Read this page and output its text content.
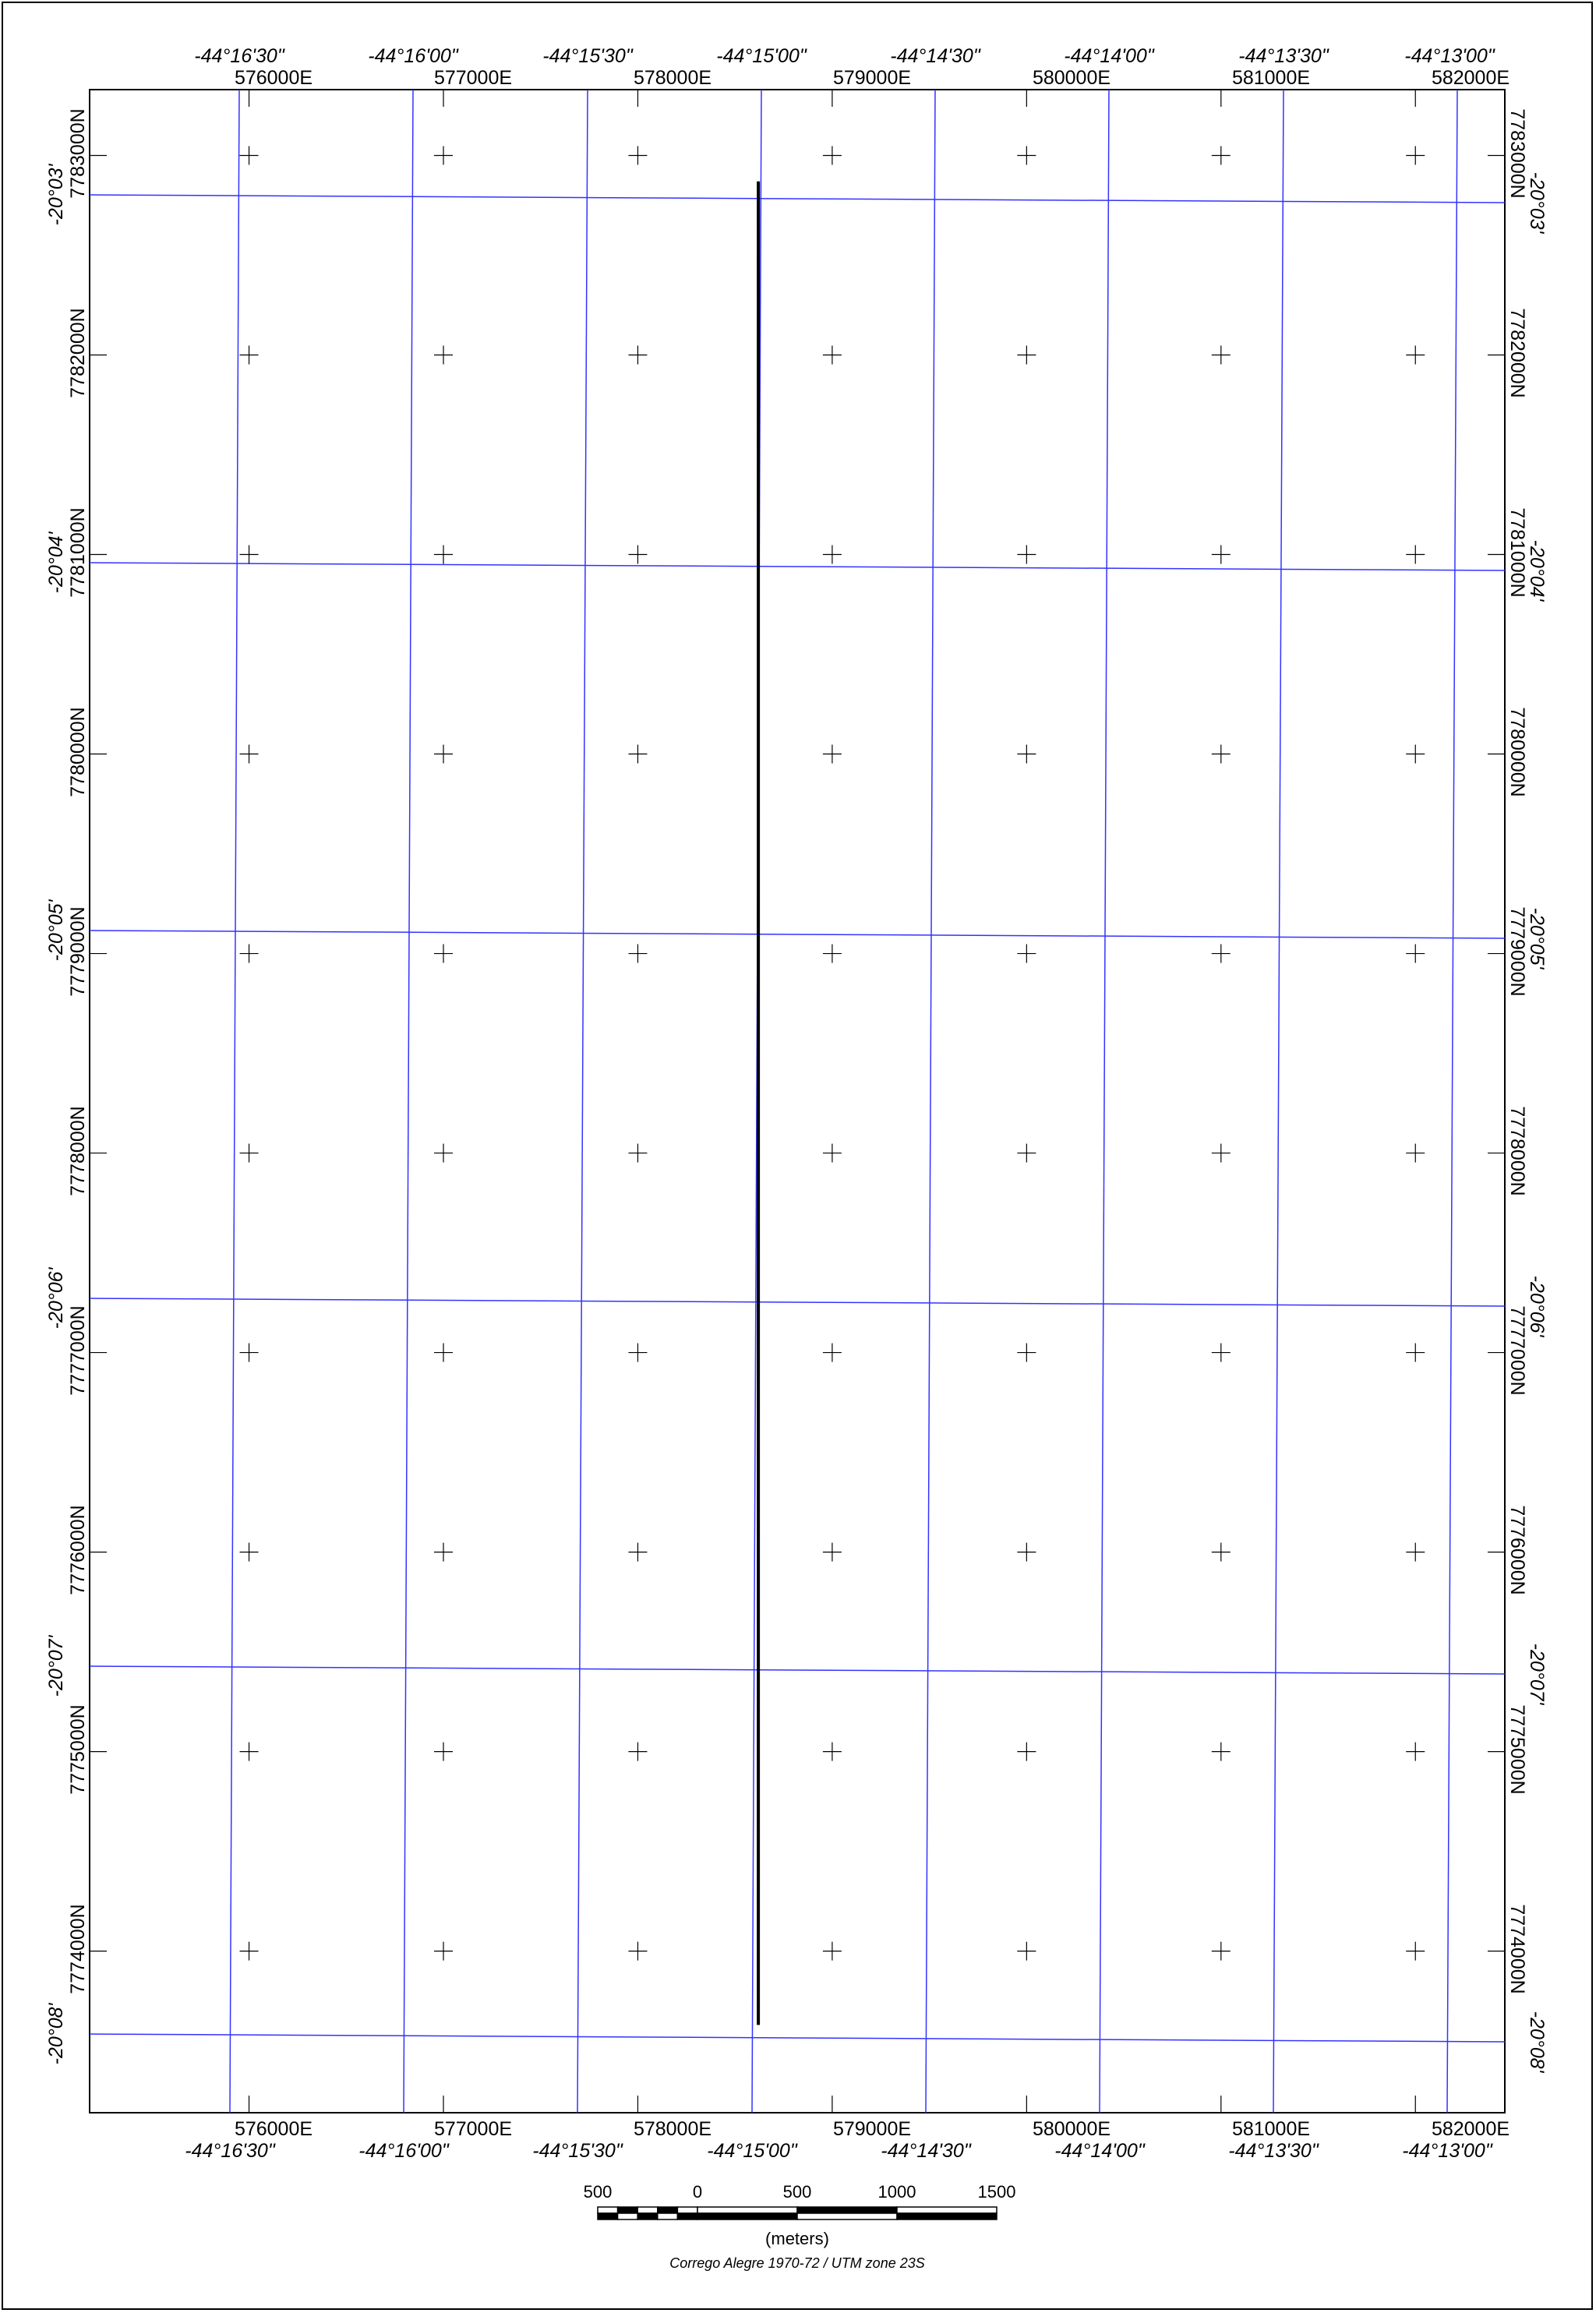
576000E	577000E	578000E	579000E	580000E	581000E	582000E
-44°16'30"	-44°16'00"	-44°15'30"	-44°15'00"	-44°14'30"	-44°14'00"	-44°13'30"	-44°13'00"
576000E	577000E	578000E	579000E	580000E	581000E	582000E
-44°16'30"	-44°16'00"	-44°15'30"	-44°15'00"	-44°14'30"	-44°14'00"	-44°13'30"	-44°13'00"
7783000N
7782000N
7781000N
7780000N
7779000N
7778000N
7777000N
7776000N
7775000N
7774000N
-20°03'
-20°04'
-20°05'
-20°06'
-20°07'
-20°08'
7783000N
7782000N
7781000N
7780000N
7779000N
7778000N
7777000N
7776000N
7775000N
7774000N
-20°03'
-20°04'
-20°05'
-20°06'
-20°07'
-20°08'
500	0	500	1000	1500
(meters)
Corrego Alegre 1970-72 / UTM zone 23S
